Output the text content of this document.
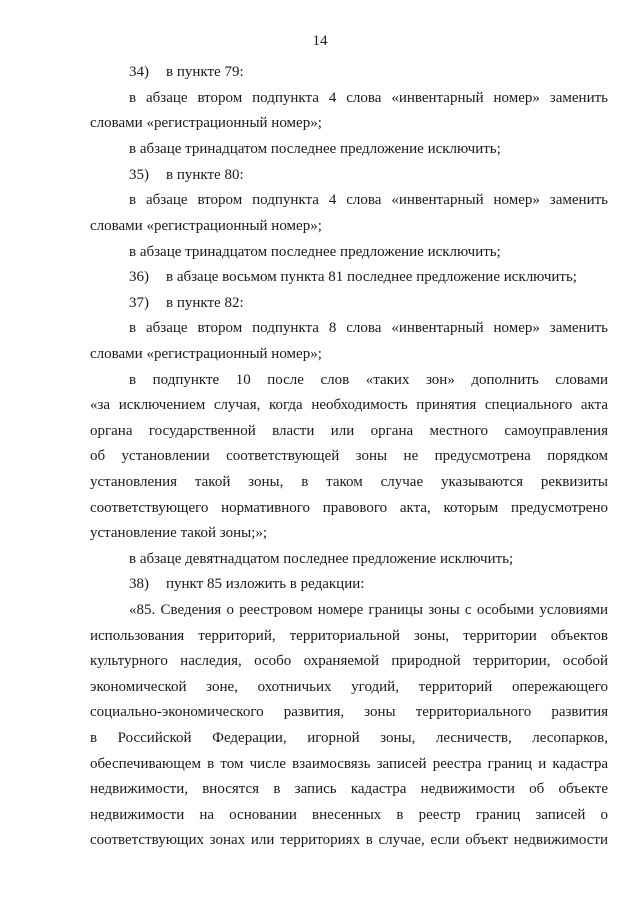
14
34) в пункте 79:
в абзаце втором подпункта 4 слова «инвентарный номер» заменить
словами «регистрационный номер»;
в абзаце тринадцатом последнее предложение исключить;
35) в пункте 80:
в абзаце втором подпункта 4 слова «инвентарный номер» заменить
словами «регистрационный номер»;
в абзаце тринадцатом последнее предложение исключить;
36) в абзаце восьмом пункта 81 последнее предложение исключить;
37) в пункте 82:
в абзаце втором подпункта 8 слова «инвентарный номер» заменить
словами «регистрационный номер»;
в подпункте 10 после слов «таких зон» дополнить словами
«за исключением случая, когда необходимость принятия специального акта
органа государственной власти или органа местного самоуправления
об установлении соответствующей зоны не предусмотрена порядком
установления такой зоны, в таком случае указываются реквизиты
соответствующего нормативного правового акта, которым предусмотрено
установление такой зоны;»;
в абзаце девятнадцатом последнее предложение исключить;
38) пункт 85 изложить в редакции:
«85. Сведения о реестровом номере границы зоны с особыми условиями
использования территорий, территориальной зоны, территории объектов
культурного наследия, особо охраняемой природной территории, особой
экономической зоне, охотничьих угодий, территорий опережающего
социально-экономического развития, зоны территориального развития
в Российской Федерации, игорной зоны, лесничеств, лесопарков,
обеспечивающем в том числе взаимосвязь записей реестра границ и кадастра
недвижимости, вносятся в запись кадастра недвижимости об объекте
недвижимости на основании внесенных в реестр границ записей о
соответствующих зонах или территориях в случае, если объект недвижимости
